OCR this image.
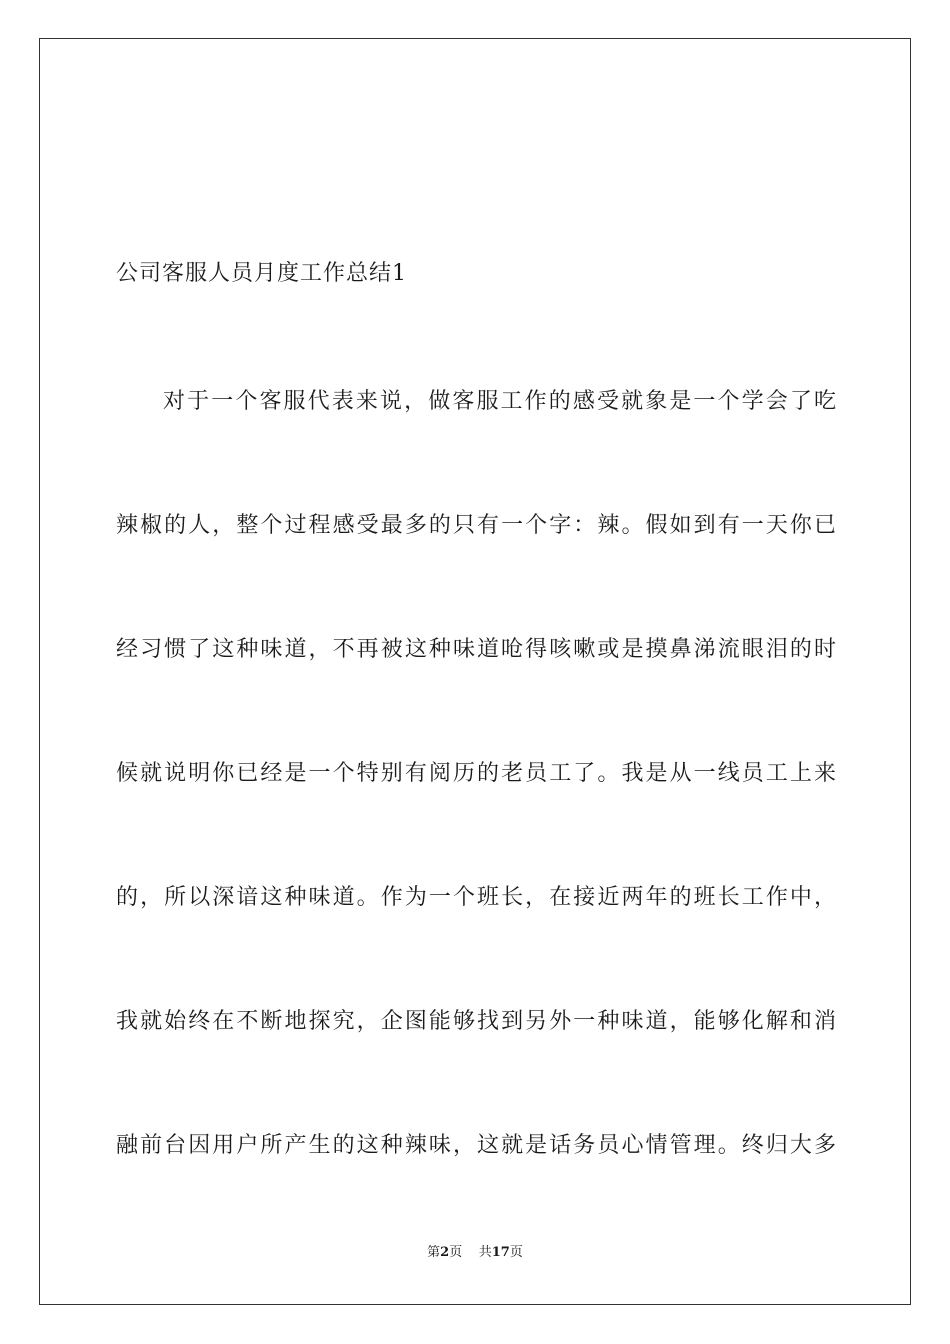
公司客服人员月度工作总结1
对于一个客服代表来说，做客服工作的感受就象是一个学会了吃
辣椒的人，整个过程感受最多的只有一个字：辣。假如到有一天你已
经习惯了这种味道，不再被这种味道呛得咳嗽或是摸鼻涕流眼泪的时
候就说明你已经是一个特别有阅历的老员工了。我是从一线员工上来
的，所以深谙这种味道。作为一个班长，在接近两年的班长工作中，
我就始终在不断地探究，企图能够找到另外一种味道，能够化解和消
融前台因用户所产生的这种辣味，这就是话务员心情管理。终归大多
第2页 共17页
